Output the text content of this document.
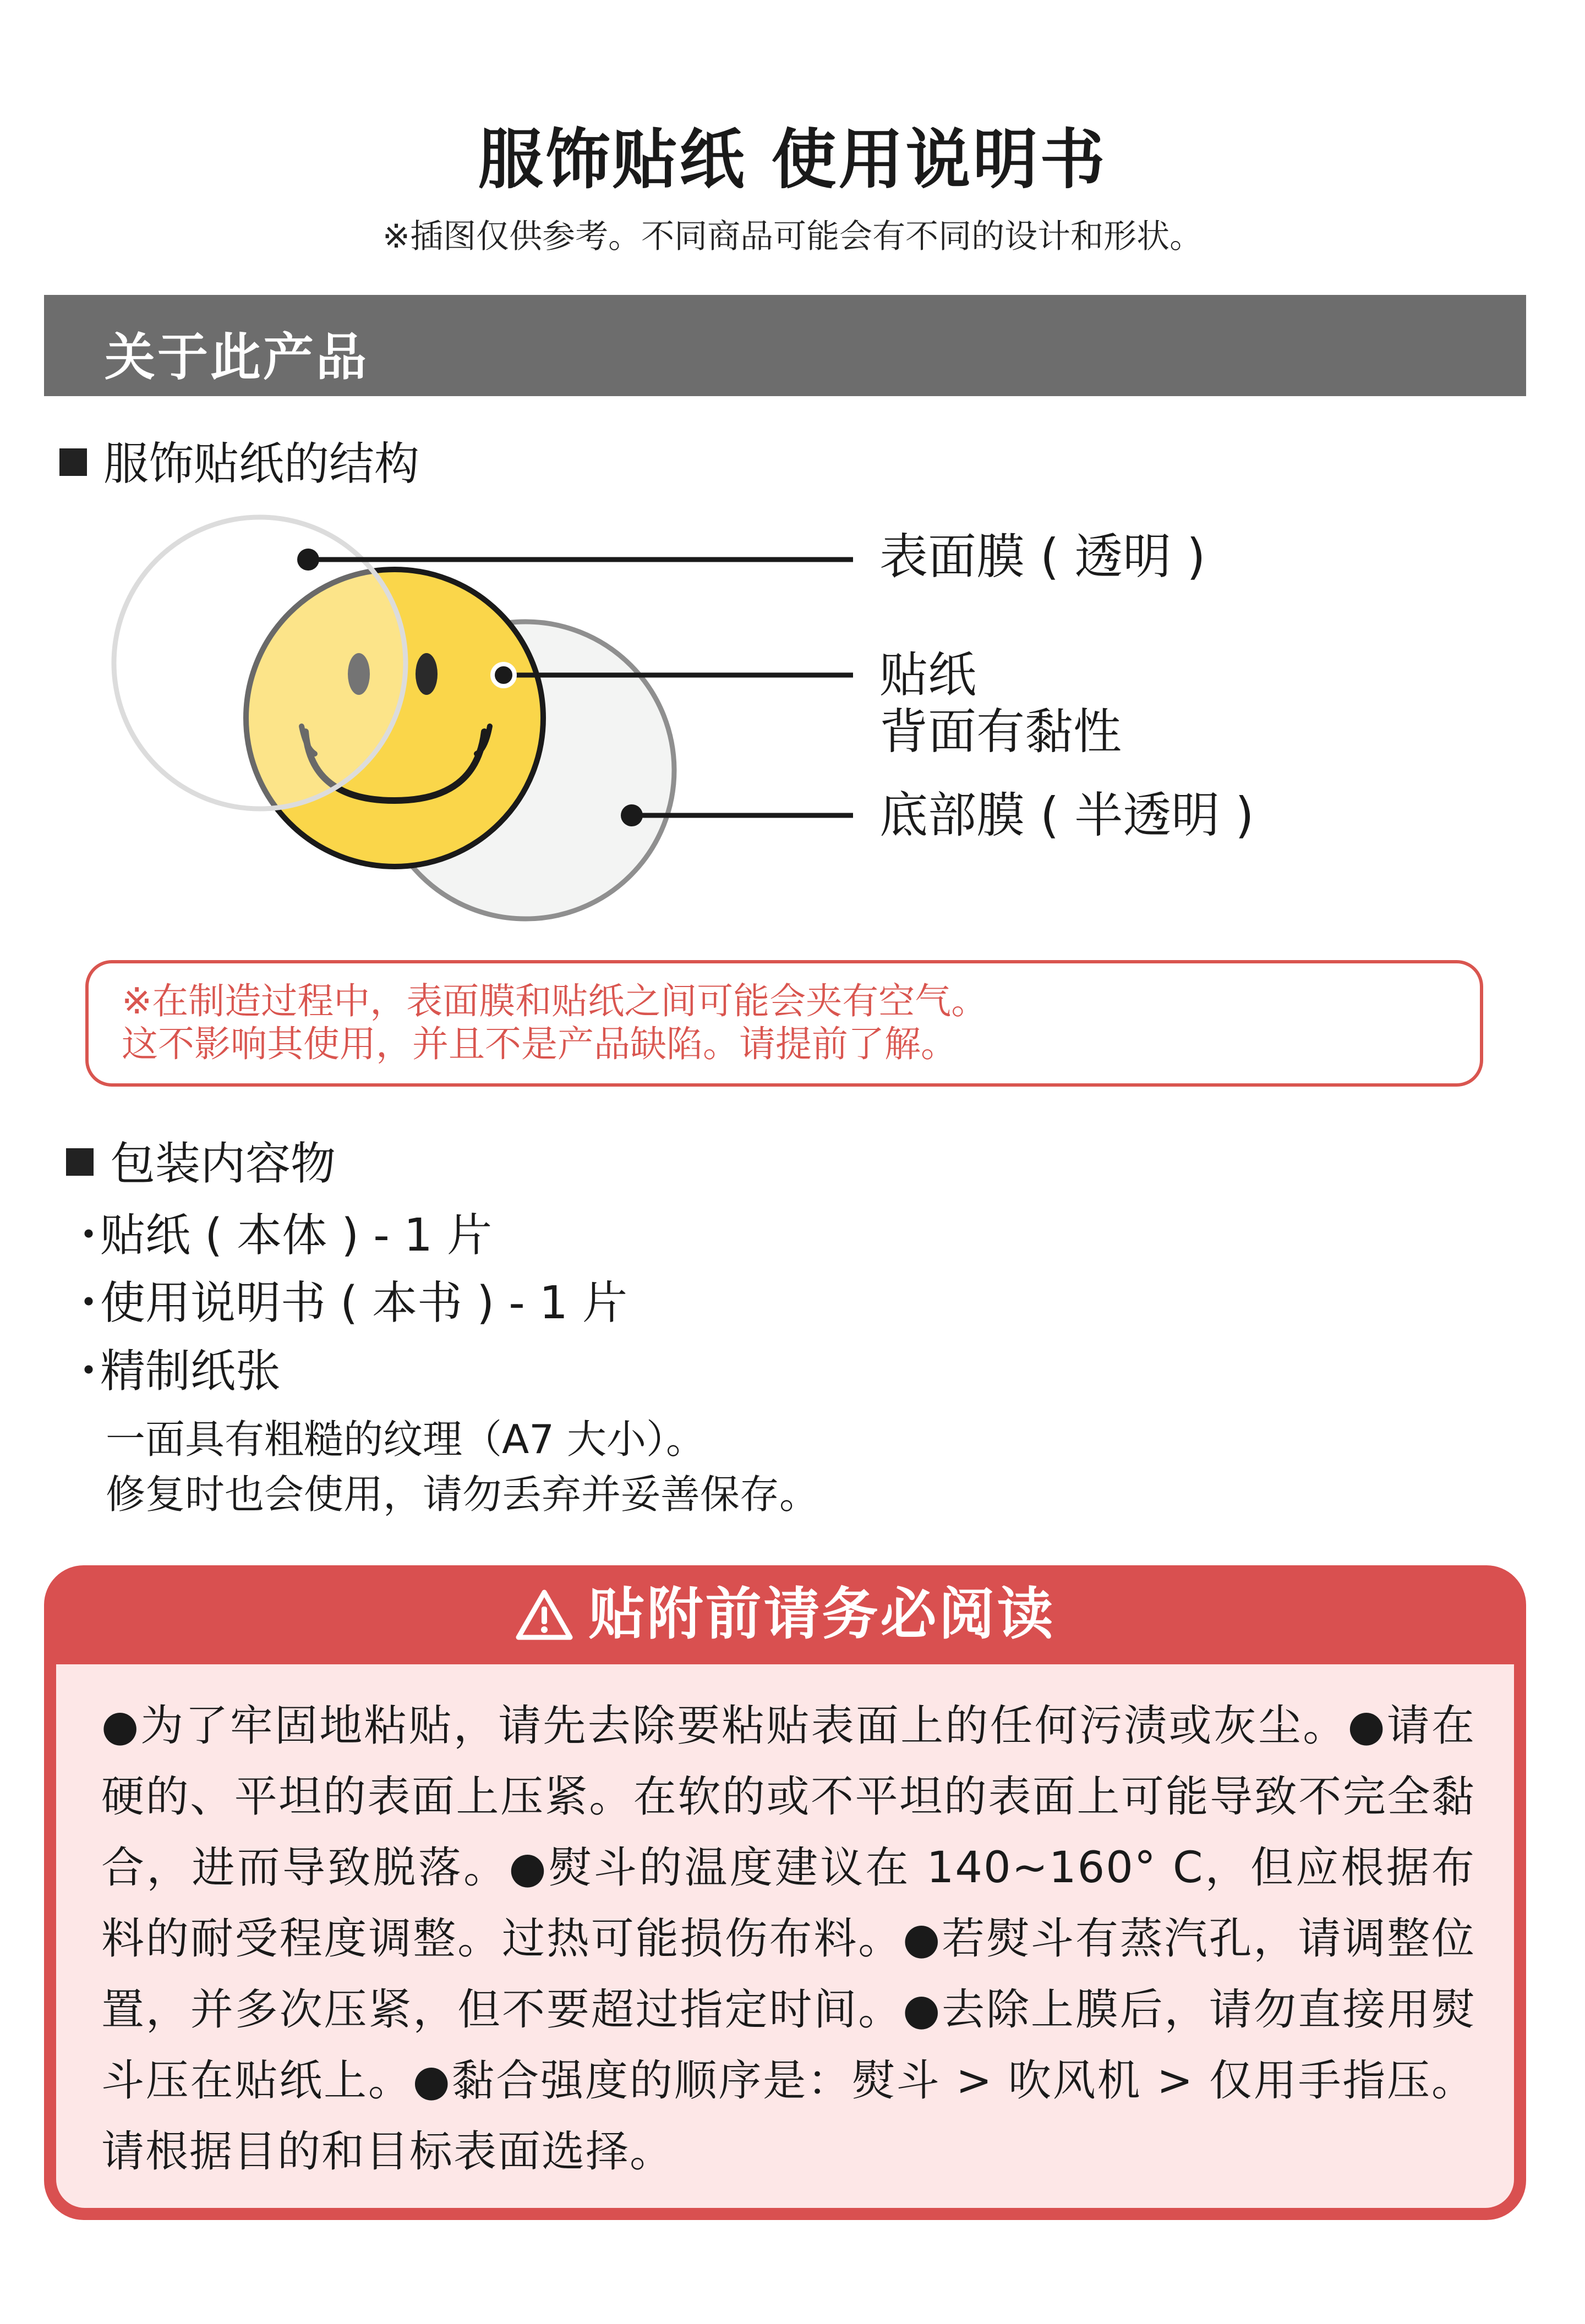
服饰贴纸 使用说明书
※插图仅供参考。不同商品可能会有不同的设计和形状。
关于此产品
服饰贴纸的结构
表面膜 ( 透明 )
贴纸
背面有黏性
底部膜 ( 半透明 )

※在制造过程中，表面膜和贴纸之间可能会夹有空气。

这不影响其使用，并且不是产品缺陷。请提前了解。

包装内容物
・贴纸 ( 本体 ) - 1 片
・使用说明书 ( 本书 ) - 1 片
・精制纸张
一面具有粗糙的纹理（A7 大小）。
修复时也会使用，请勿丢弃并妥善保存。
贴附前请务必阅读

●为了牢固地粘贴，请先去除要粘贴表面上的任何污渍或灰尘。●请在硬的、平坦的表面上压紧。在软的或不平坦的表面上可能导致不完全黏合，进而导致脱落。●熨斗的温度建议在 140~160° C，但应根据布料的耐受程度调整。过热可能损伤布料。●若熨斗有蒸汽孔，请调整位置，并多次压紧，但不要超过指定时间。●去除上膜后，请勿直接用熨斗压在贴纸上。●黏合强度的顺序是：熨斗 > 吹风机 > 仅用手指压。请根据目的和目标表面选择。
